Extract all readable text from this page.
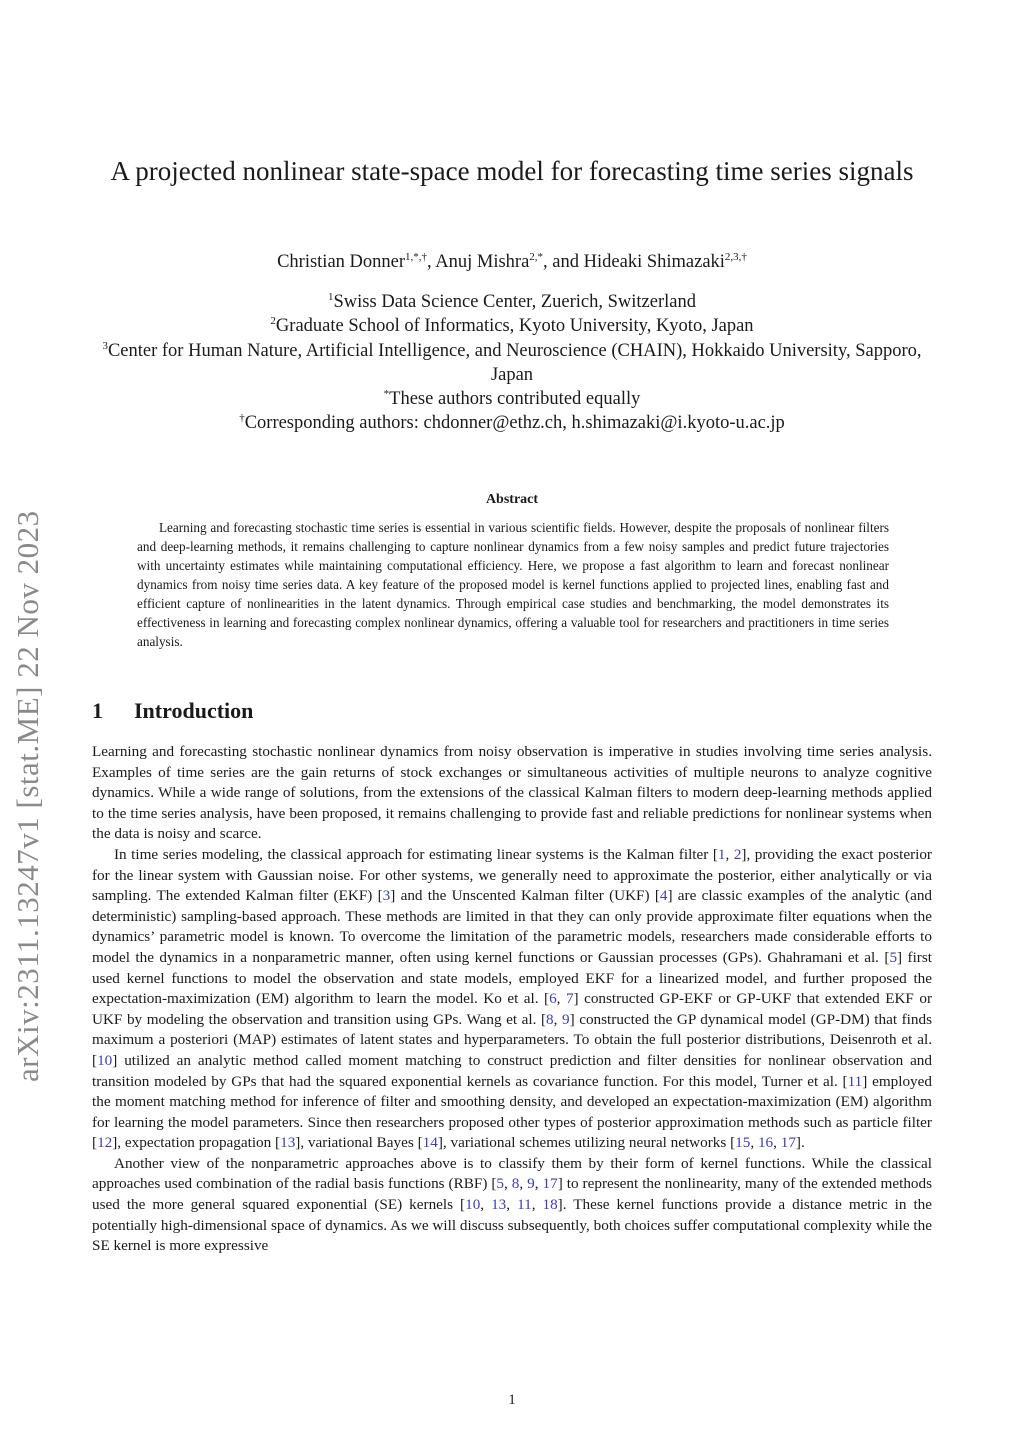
arXiv:2311.13247v1 [stat.ME] 22 Nov 2023
A projected nonlinear state-space model for forecasting time series signals
Christian Donner$^{1,*,\dagger}$, Anuj Mishra$^{2,*}$, and Hideaki Shimazaki$^{2,3,\dagger}$
$^1$Swiss Data Science Center, Zuerich, Switzerland
$^2$Graduate School of Informatics, Kyoto University, Kyoto, Japan
$^3$Center for Human Nature, Artificial Intelligence, and Neuroscience (CHAIN), Hokkaido University, Sapporo, Japan
*These authors contributed equally
†Corresponding authors: chdonner@ethz.ch, h.shimazaki@i.kyoto-u.ac.jp
Abstract

Learning and forecasting stochastic time series is essential in various scientific fields. However, despite the proposals of nonlinear filters and deep-learning methods, it remains challenging to capture nonlinear dynamics from a few noisy samples and predict future trajectories with uncertainty estimates while maintaining computational efficiency. Here, we propose a fast algorithm to learn and forecast nonlinear dynamics from noisy time series data. A key feature of the proposed model is kernel functions applied to projected lines, enabling fast and efficient capture of nonlinearities in the latent dynamics. Through empirical case studies and benchmarking, the model demonstrates its effectiveness in learning and forecasting complex nonlinear dynamics, offering a valuable tool for researchers and practitioners in time series analysis.

1 Introduction

Learning and forecasting stochastic nonlinear dynamics from noisy observation is imperative in studies involving time series analysis. Examples of time series are the gain returns of stock exchanges or simultaneous activities of multiple neurons to analyze cognitive dynamics. While a wide range of solutions, from the extensions of the classical Kalman filters to modern deep-learning methods applied to the time series analysis, have been proposed, it remains challenging to provide fast and reliable predictions for nonlinear systems when the data is noisy and scarce.

In time series modeling, the classical approach for estimating linear systems is the Kalman filter [1, 2], providing the exact posterior for the linear system with Gaussian noise. For other systems, we generally need to approximate the posterior, either analytically or via sampling. The extended Kalman filter (EKF) [3] and the Unscented Kalman filter (UKF) [4] are classic examples of the analytic (and deterministic) sampling-based approach. These methods are limited in that they can only provide approximate filter equations when the dynamics’ parametric model is known. To overcome the limitation of the parametric models, researchers made considerable efforts to model the dynamics in a nonparametric manner, often using kernel functions or Gaussian processes (GPs). Ghahramani et al. [5] first used kernel functions to model the observation and state models, employed EKF for a linearized model, and further proposed the expectation-maximization (EM) algorithm to learn the model. Ko et al. [6, 7] constructed GP-EKF or GP-UKF that extended EKF or UKF by modeling the observation and transition using GPs. Wang et al. [8, 9] constructed the GP dynamical model (GP-DM) that finds maximum a posteriori (MAP) estimates of latent states and hyperparameters. To obtain the full posterior distributions, Deisenroth et al. [10] utilized an analytic method called moment matching to construct prediction and filter densities for nonlinear observation and transition modeled by GPs that had the squared exponential kernels as covariance function. For this model, Turner et al. [11] employed the moment matching method for inference of filter and smoothing density, and developed an expectation-maximization (EM) algorithm for learning the model parameters. Since then researchers proposed other types of posterior approximation methods such as particle filter [12], expectation propagation [13], variational Bayes [14], variational schemes utilizing neural networks [15, 16, 17].

Another view of the nonparametric approaches above is to classify them by their form of kernel functions. While the classical approaches used combination of the radial basis functions (RBF) [5, 8, 9, 17] to represent the nonlinearity, many of the extended methods used the more general squared exponential (SE) kernels [10, 13, 11, 18]. These kernel functions provide a distance metric in the potentially high-dimensional space of dynamics. As we will discuss subsequently, both choices suffer computational complexity while the SE kernel is more expressive

1
